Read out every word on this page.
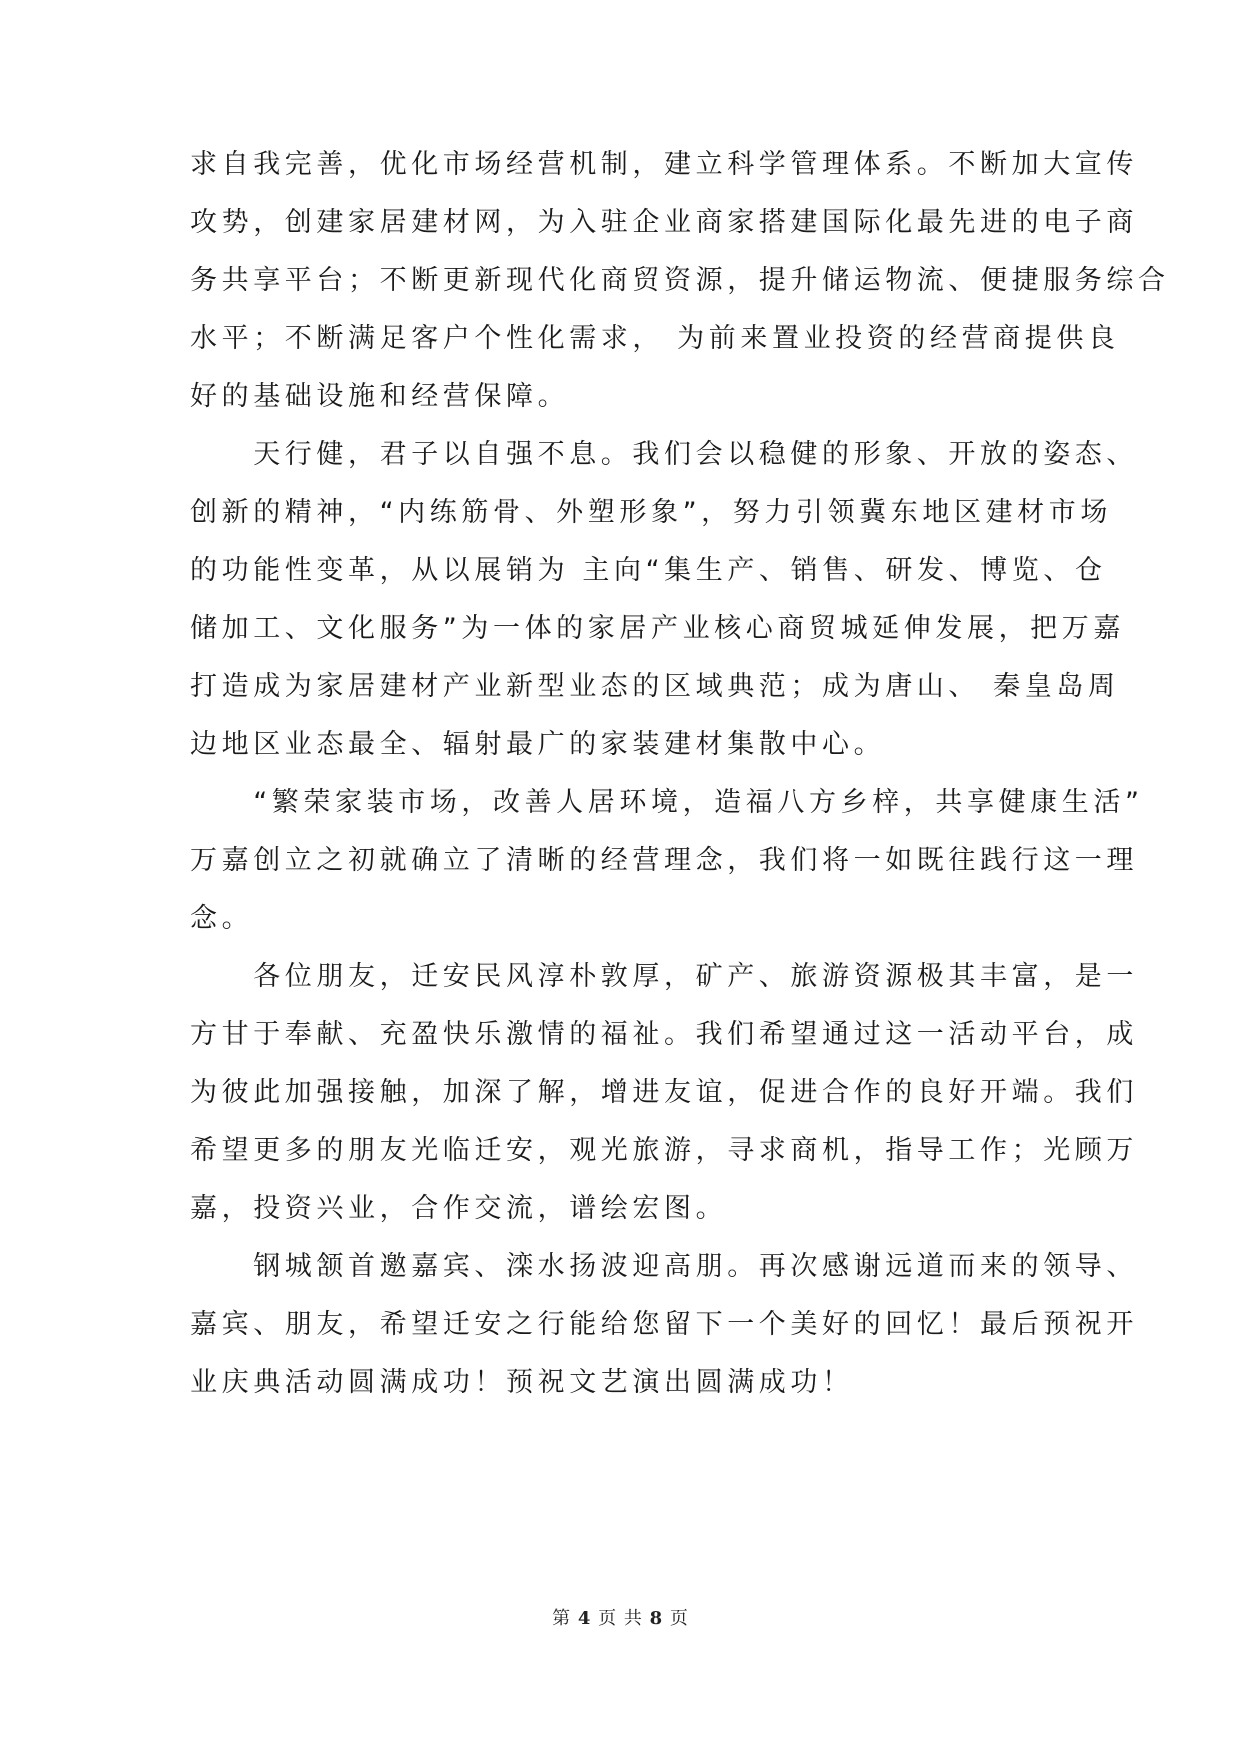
求自我完善，优化市场经营机制，建立科学管理体系。不断加大宣传
攻势，创建家居建材网，为入驻企业商家搭建国际化最先进的电子商
务共享平台；不断更新现代化商贸资源，提升储运物流、便捷服务综合
水平；不断满足客户个性化需求， 为前来置业投资的经营商提供良
好的基础设施和经营保障。
　　天行健，君子以自强不息。我们会以稳健的形象、开放的姿态、
创新的精神，“内练筋骨、外塑形象”，努力引领冀东地区建材市场
的功能性变革，从以展销为 主向“集生产、销售、研发、博览、仓
储加工、文化服务”为一体的家居产业核心商贸城延伸发展，把万嘉
打造成为家居建材产业新型业态的区域典范；成为唐山、 秦皇岛周
边地区业态最全、辐射最广的家装建材集散中心。
　　“繁荣家装市场，改善人居环境，造福八方乡梓，共享健康生活”
万嘉创立之初就确立了清晰的经营理念，我们将一如既往践行这一理
念。
　　各位朋友，迁安民风淳朴敦厚，矿产、旅游资源极其丰富，是一
方甘于奉献、充盈快乐激情的福祉。我们希望通过这一活动平台，成
为彼此加强接触，加深了解，增进友谊，促进合作的良好开端。我们
希望更多的朋友光临迁安，观光旅游，寻求商机，指导工作；光顾万
嘉，投资兴业，合作交流，谱绘宏图。
　　钢城颔首邀嘉宾、滦水扬波迎高朋。再次感谢远道而来的领导、
嘉宾、朋友，希望迁安之行能给您留下一个美好的回忆！最后预祝开
业庆典活动圆满成功！预祝文艺演出圆满成功！
第 4 页 共 8 页
